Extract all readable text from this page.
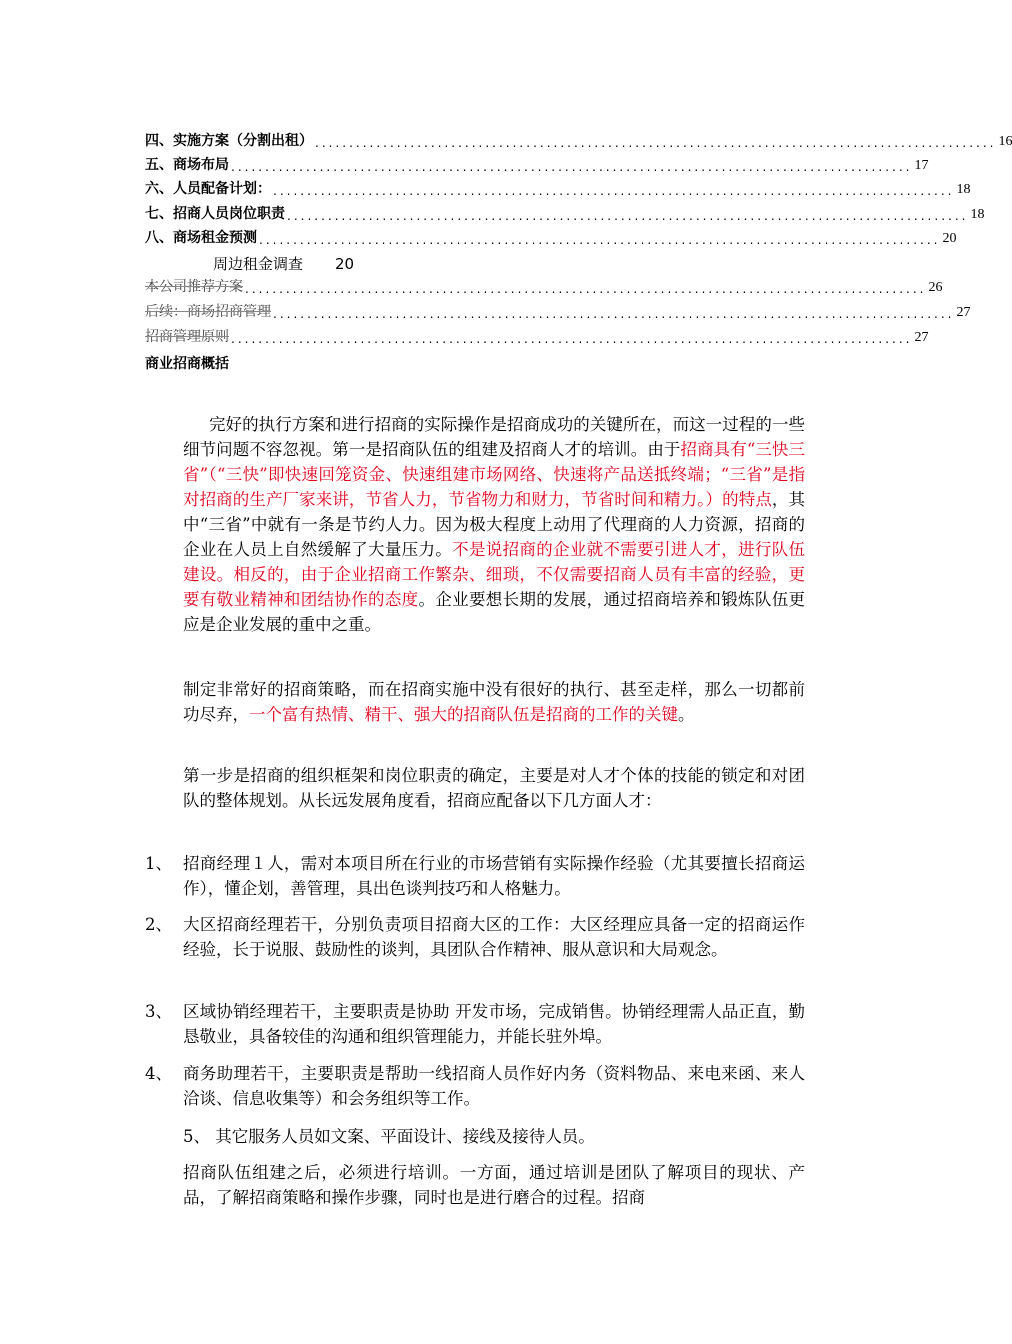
四、实施方案（分割出租） .................................................................................................... 16
五、商场布局 .................................................................................................... 17
六、人员配备计划： .................................................................................................... 18
七、招商人员岗位职责 .................................................................................................... 18
八、商场租金预测 .................................................................................................... 20
本公司推荐方案 .................................................................................................... 26
后续：商场招商管理 .................................................................................................... 27
招商管理原则 .................................................................................................... 27
周边租金调查 20
商业招商概括
完好的执行方案和进行招商的实际操作是招商成功的关键所在，而这一过程的一些细节问题不容忽视。第一是招商队伍的组建及招商人才的培训。由于招商具有“三快三省”（“三快”即快速回笼资金、快速组建市场网络、快速将产品送抵终端；“三省”是指对招商的生产厂家来讲，节省人力，节省物力和财力，节省时间和精力。）的特点，其中“三省”中就有一条是节约人力。因为极大程度上动用了代理商的人力资源，招商的企业在人员上自然缓解了大量压力。不是说招商的企业就不需要引进人才，进行队伍建设。相反的，由于企业招商工作繁杂、细琐，不仅需要招商人员有丰富的经验，更要有敬业精神和团结协作的态度。企业要想长期的发展，通过招商培养和锻炼队伍更应是企业发展的重中之重。
制定非常好的招商策略，而在招商实施中没有很好的执行、甚至走样，那么一切都前功尽弃，一个富有热情、精干、强大的招商队伍是招商的工作的关键。
第一步是招商的组织框架和岗位职责的确定，主要是对人才个体的技能的锁定和对团队的整体规划。从长远发展角度看，招商应配备以下几方面人才：
1、 招商经理１人，需对本项目所在行业的市场营销有实际操作经验（尤其要擅长招商运作），懂企划，善管理，具出色谈判技巧和人格魅力。
2、 大区招商经理若干，分别负责项目招商大区的工作：大区经理应具备一定的招商运作经验，长于说服、鼓励性的谈判，具团队合作精神、服从意识和大局观念。
3、 区域协销经理若干，主要职责是协助 开发市场，完成销售。协销经理需人品正直，勤恳敬业，具备较佳的沟通和组织管理能力，并能长驻外埠。
4、 商务助理若干，主要职责是帮助一线招商人员作好内务（资料物品、来电来函、来人洽谈、信息收集等）和会务组织等工作。
5、 其它服务人员如文案、平面设计、接线及接待人员。
招商队伍组建之后，必须进行培训。一方面，通过培训是团队了解项目的现状、产品，了解招商策略和操作步骤，同时也是进行磨合的过程。招商
